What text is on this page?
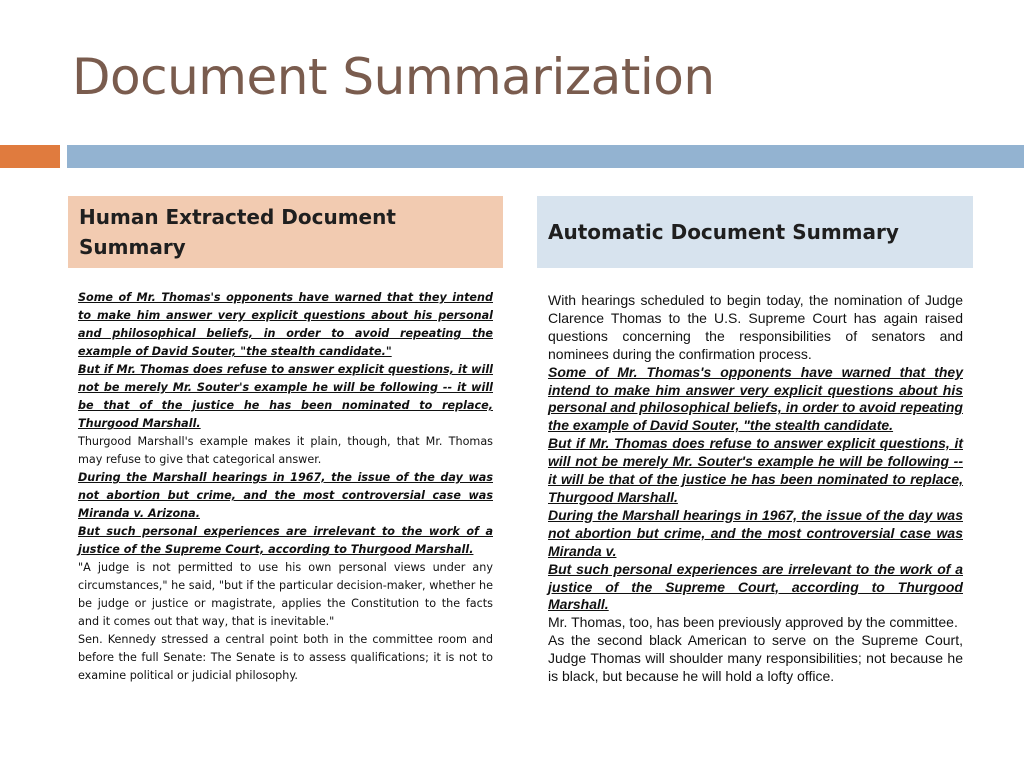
Document Summarization
Human Extracted Document Summary
Automatic Document Summary

Some of Mr. Thomas's opponents have warned that they intend to make him answer very explicit questions about his personal and philosophical beliefs, in order to avoid repeating the example of David Souter, "the stealth candidate."

But if Mr. Thomas does refuse to answer explicit questions, it will not be merely Mr. Souter's example he will be following -- it will be that of the justice he has been nominated to replace, Thurgood Marshall.

Thurgood Marshall's example makes it plain, though, that Mr. Thomas may refuse to give that categorical answer.

During the Marshall hearings in 1967, the issue of the day was not abortion but crime, and the most controversial case was Miranda v. Arizona.

But such personal experiences are irrelevant to the work of a justice of the Supreme Court, according to Thurgood Marshall.

"A judge is not permitted to use his own personal views under any circumstances," he said, "but if the particular decision-maker, whether he be judge or justice or magistrate, applies the Constitution to the facts and it comes out that way, that is inevitable."

Sen. Kennedy stressed a central point both in the committee room and before the full Senate: The Senate is to assess qualifications; it is not to examine political or judicial philosophy.

With hearings scheduled to begin today, the nomination of Judge Clarence Thomas to the U.S. Supreme Court has again raised questions concerning the responsibilities of senators and nominees during the confirmation process.

Some of Mr. Thomas's opponents have warned that they intend to make him answer very explicit questions about his personal and philosophical beliefs, in order to avoid repeating the example of David Souter, "the stealth candidate.

But if Mr. Thomas does refuse to answer explicit questions, it will not be merely Mr. Souter's example he will be following -- it will be that of the justice he has been nominated to replace, Thurgood Marshall.

During the Marshall hearings in 1967, the issue of the day was not abortion but crime, and the most controversial case was Miranda v.

But such personal experiences are irrelevant to the work of a justice of the Supreme Court, according to Thurgood Marshall.

Mr. Thomas, too, has been previously approved by the committee.

As the second black American to serve on the Supreme Court, Judge Thomas will shoulder many responsibilities; not because he is black, but because he will hold a lofty office.
